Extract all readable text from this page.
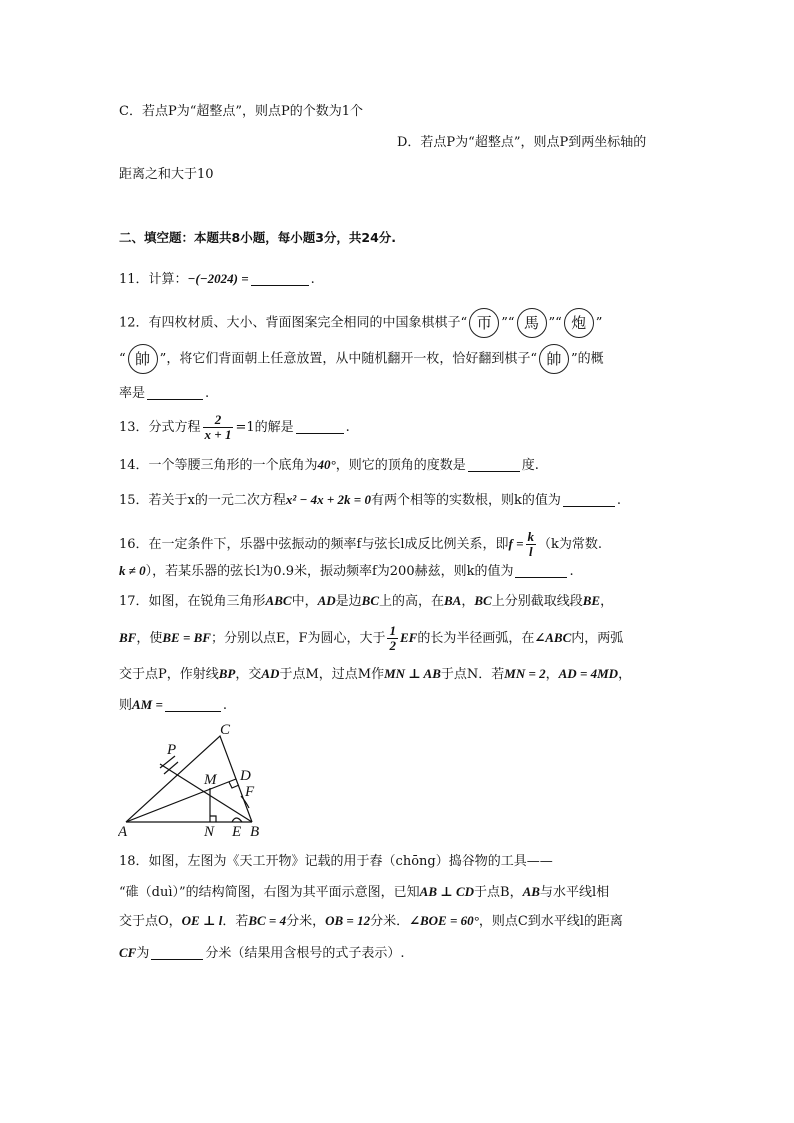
C．若点P为“超整点”，则点P的个数为1个
D．若点P为“超整点”，则点P到两坐标轴的
距离之和大于10
二、填空题：本题共8小题，每小题3分，共24分.
11．计算：−(−2024) =	.
12．有四枚材质、大小、背面图案完全相同的中国象棋棋子“ 帀 ”“ 馬 ”“ 炮 ”
“ 帥 ”，将它们背面朝上任意放置，从中随机翻开一枚，恰好翻到棋子“ 帥 ”的概
率是	.
13．分式方程 $\frac{2}{x + 1} =1$的解是	.
14．一个等腰三角形的一个底角为40°，则它的顶角的度数是	度.
15．若关于x的一元二次方程x² − 4x + 2k = 0有两个相等的实数根，则k的值为	.
16．在一定条件下，乐器中弦振动的频率f与弦长l成反比例关系，即$f = \frac{k}{l} (k$为常数.
k ≠ 0），若某乐器的弦长l为0.9米，振动频率f为200赫兹，则k的值为	.
17．如图，在锐角三角形ABC中，AD是边BC上的高，在BA，BC上分别截取线段BE，
BF，使BE = BF；分别以点E，F为圆心，大于 $\frac{1}{2}$ EF的长为半径画弧，在∠ABC内，两弧
交于点P，作射线BP，交AD于点M，过点M作MN ⊥ AB于点N．若MN = 2，AD = 4MD，
则AM =	.
C
P
M D
F
A	N E B
18．如图，左图为《天工开物》记载的用于舂（chōng）捣谷物的工具——
“碓（duì）”的结构简图，右图为其平面示意图，已知AB ⊥ CD于点B，AB与水平线l相
交于点O，OE ⊥ l．若BC = 4分米，OB = 12分米．∠BOE = 60°，则点C到水平线l的距离
CF为	分米（结果用含根号的式子表示）.
